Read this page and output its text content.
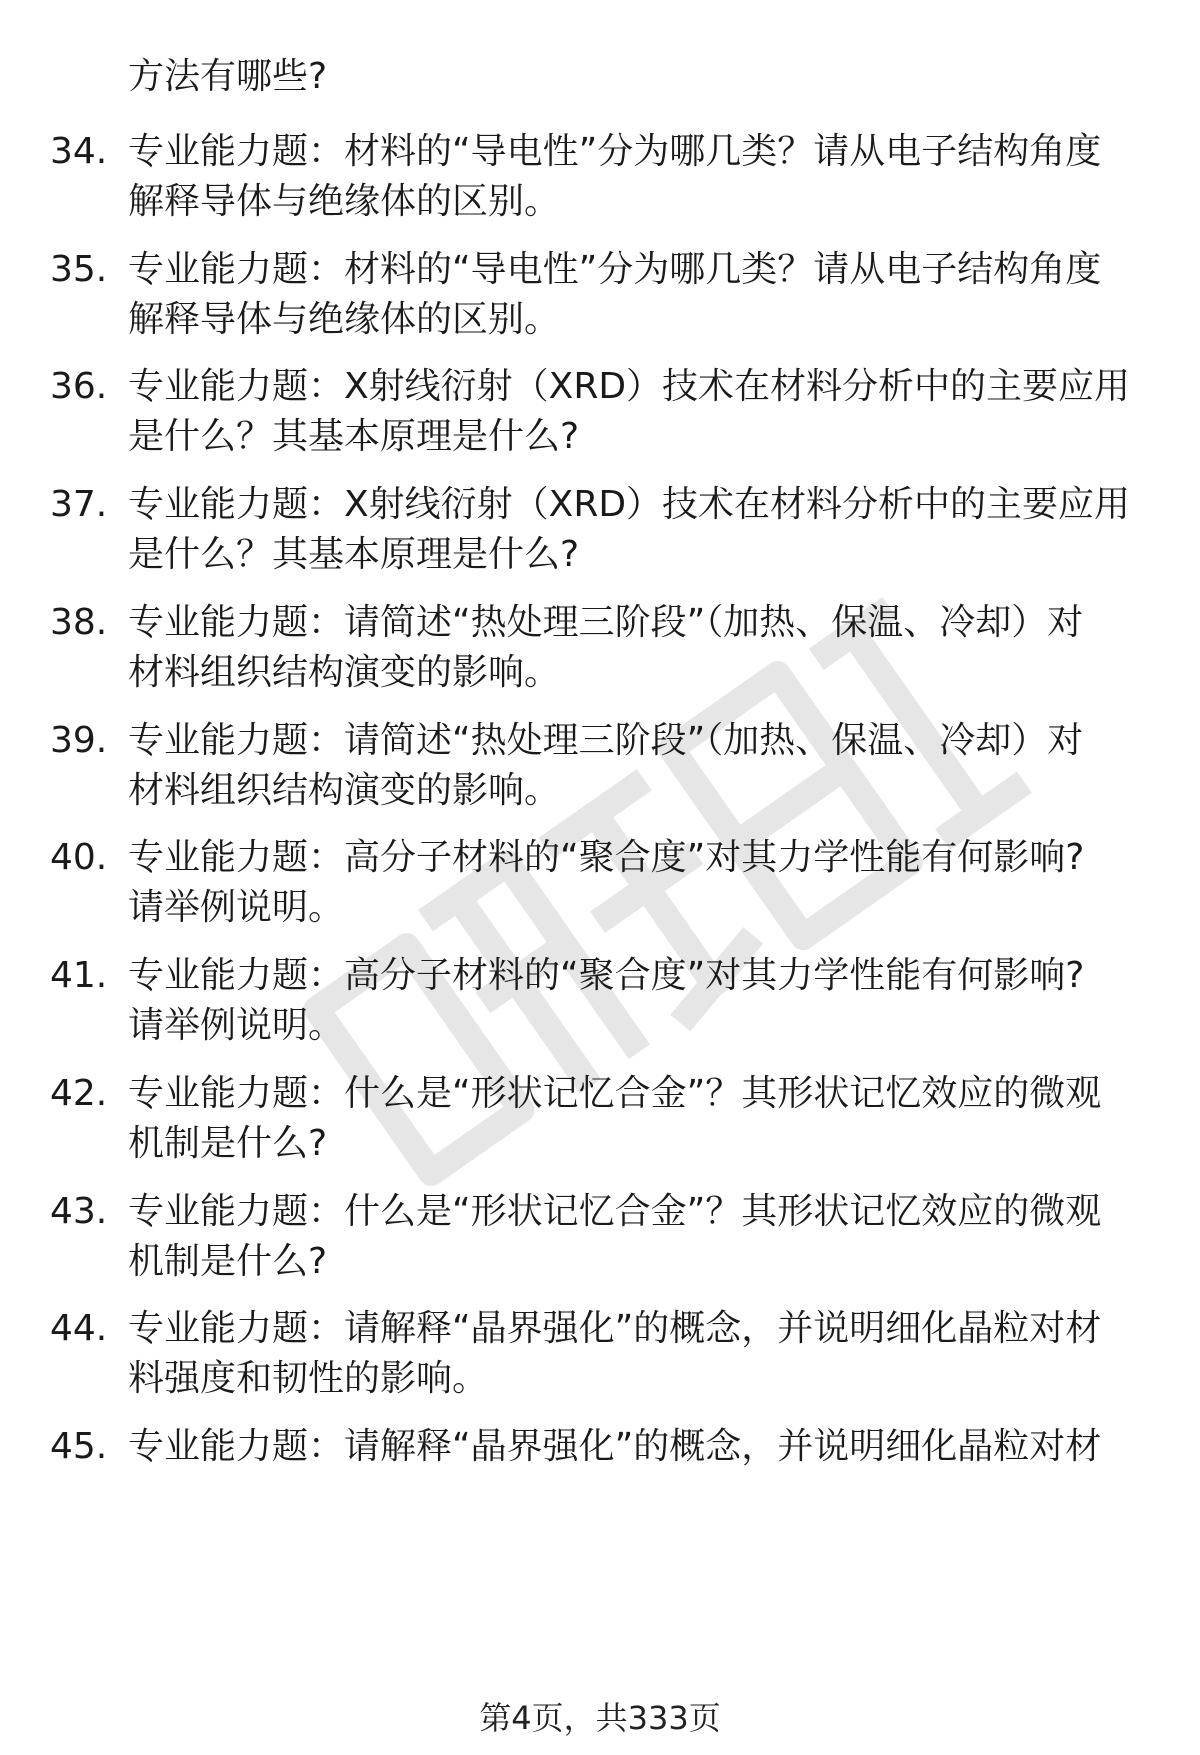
方法有哪些?
34. 专业能力题：材料的“导电性”分为哪几类？请从电子结构角度
解释导体与绝缘体的区别。
35. 专业能力题：材料的“导电性”分为哪几类？请从电子结构角度
解释导体与绝缘体的区别。
36. 专业能力题：X射线衍射（XRD）技术在材料分析中的主要应用
是什么？其基本原理是什么?
37. 专业能力题：X射线衍射（XRD）技术在材料分析中的主要应用
是什么？其基本原理是什么?
38. 专业能力题：请简述“热处理三阶段”（加热、保温、冷却）对
材料组织结构演变的影响。
39. 专业能力题：请简述“热处理三阶段”（加热、保温、冷却）对
材料组织结构演变的影响。
40. 专业能力题：高分子材料的“聚合度”对其力学性能有何影响?
请举例说明。
41. 专业能力题：高分子材料的“聚合度”对其力学性能有何影响?
请举例说明。
42. 专业能力题：什么是“形状记忆合金”？其形状记忆效应的微观
机制是什么?
43. 专业能力题：什么是“形状记忆合金”？其形状记忆效应的微观
机制是什么?
44. 专业能力题：请解释“晶界强化”的概念，并说明细化晶粒对材
料强度和韧性的影响。
45. 专业能力题：请解释“晶界强化”的概念，并说明细化晶粒对材
第4页，共333页
